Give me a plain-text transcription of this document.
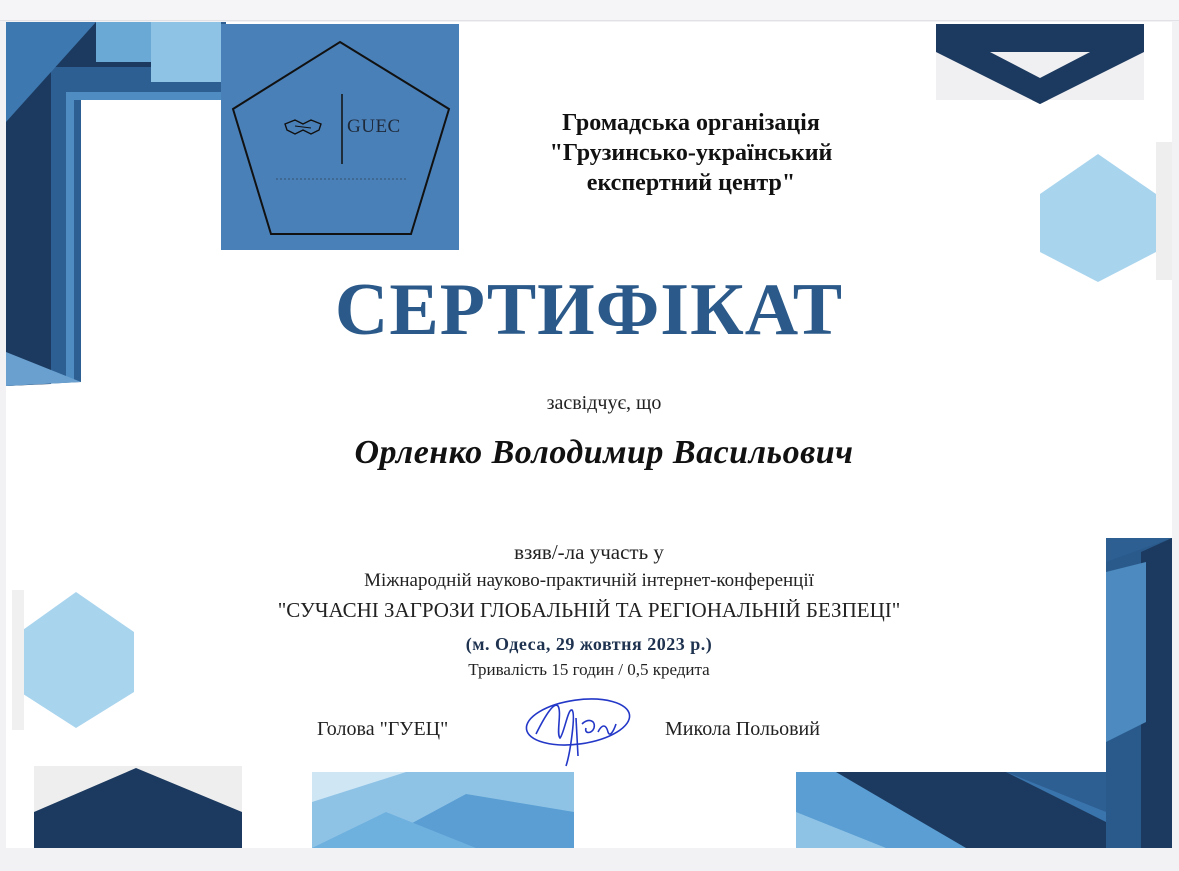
GUEC	Громадська організація
"Грузинсько-український
експертний центр"
СЕРТИФІКАТ
засвідчує, що
Орленко Володимир Васильович
взяв/-ла участь у
Міжнародній науково-практичній інтернет-конференції
"СУЧАСНІ ЗАГРОЗИ ГЛОБАЛЬНІЙ ТА РЕГІОНАЛЬНІЙ БЕЗПЕЦІ"
(м. Одеса, 29 жовтня 2023 р.)
Тривалість 15 годин / 0,5 кредита
Голова "ГУЕЦ"	Микола Польовий
